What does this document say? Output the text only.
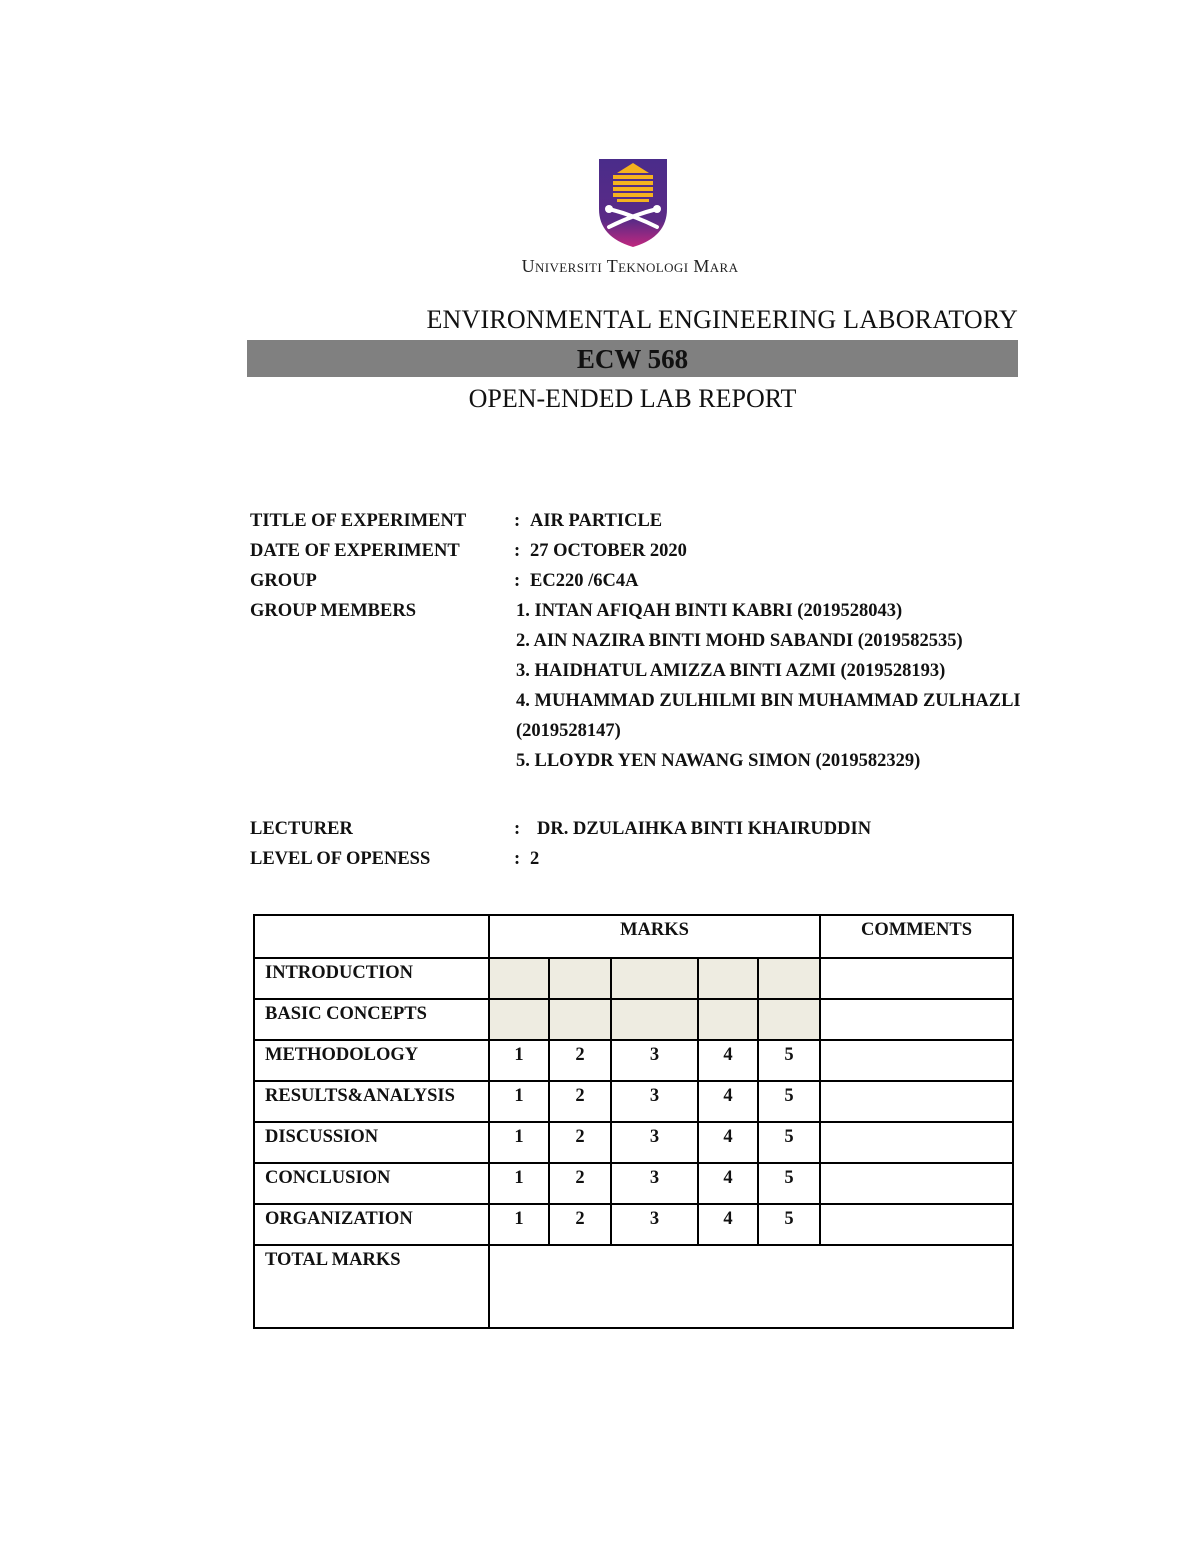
Universiti Teknologi Mara
ENVIRONMENTAL ENGINEERING LABORATORY
ECW 568
OPEN-ENDED LAB REPORT
TITLE OF EXPERIMENT	: AIR PARTICLE
DATE OF EXPERIMENT	: 27 OCTOBER 2020
GROUP	: EC220 /6C4A
GROUP MEMBERS	1. INTAN AFIQAH BINTI KABRI (2019528043)
2. AIN NAZIRA BINTI MOHD SABANDI (2019582535)
3. HAIDHATUL AMIZZA BINTI AZMI (2019528193)
4. MUHAMMAD ZULHILMI BIN MUHAMMAD ZULHAZLI
(2019528147)
5. LLOYDR YEN NAWANG SIMON (2019582329)
LECTURER	: DR. DZULAIHKA BINTI KHAIRUDDIN
LEVEL OF OPENESS	: 2
	MARKS					COMMENTS
INTRODUCTION						
BASIC CONCEPTS						
METHODOLOGY	1	2	3	4	5	
RESULTS&ANALYSIS	1	2	3	4	5	
DISCUSSION	1	2	3	4	5	
CONCLUSION	1	2	3	4	5	
ORGANIZATION	1	2	3	4	5	
TOTAL MARKS						
